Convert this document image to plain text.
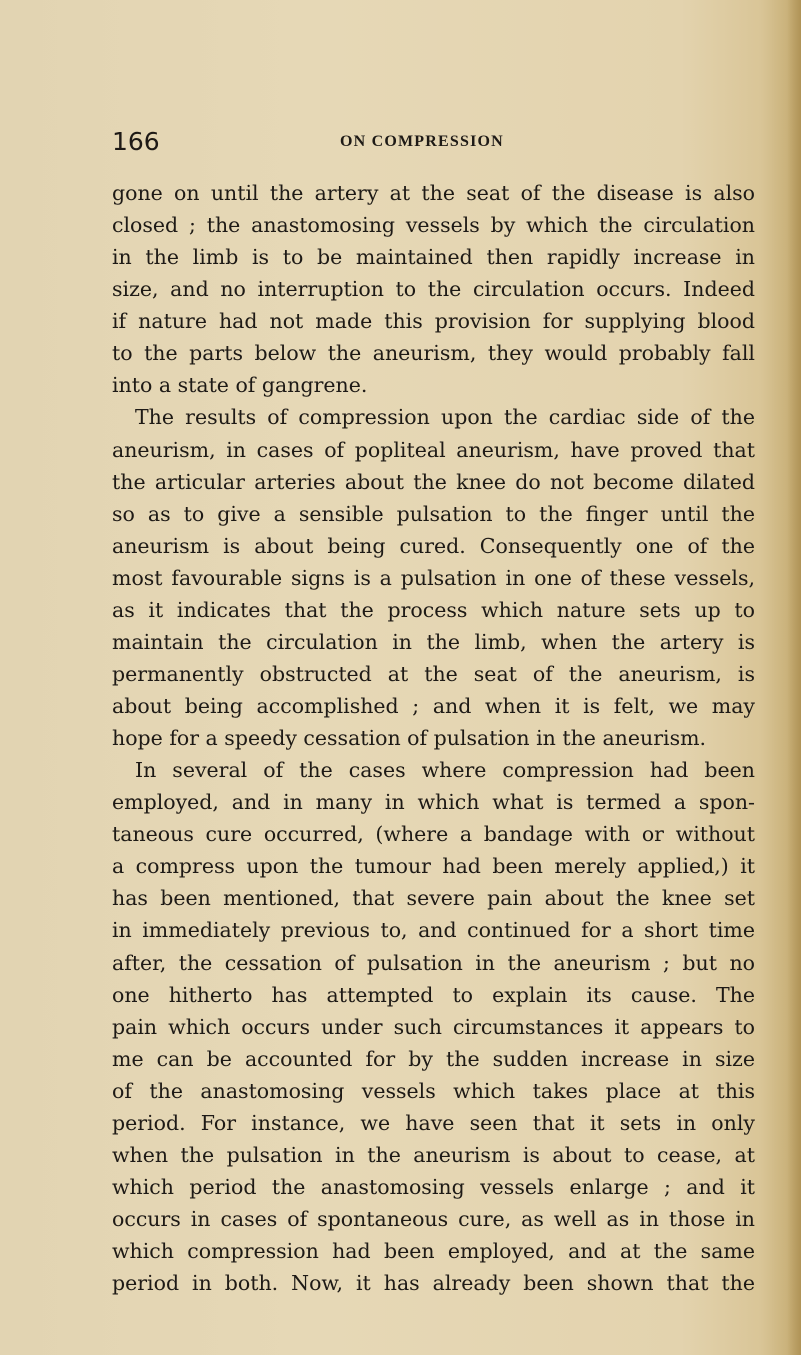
166	ON COMPRESSION
gone on until the artery at the seat of the disease is also
closed ; the anastomosing vessels by which the circulation
in the limb is to be maintained then rapidly increase in
size, and no interruption to the circulation occurs. Indeed
if nature had not made this provision for supplying blood
to the parts below the aneurism, they would probably fall
into a state of gangrene.
The results of compression upon the cardiac side of the
aneurism, in cases of popliteal aneurism, have proved that
the articular arteries about the knee do not become dilated
so as to give a sensible pulsation to the finger until the
aneurism is about being cured. Consequently one of the
most favourable signs is a pulsation in one of these vessels,
as it indicates that the process which nature sets up to
maintain the circulation in the limb, when the artery is
permanently obstructed at the seat of the aneurism, is
about being accomplished ; and when it is felt, we may
hope for a speedy cessation of pulsation in the aneurism.
In several of the cases where compression had been
employed, and in many in which what is termed a spon-
taneous cure occurred, (where a bandage with or without
a compress upon the tumour had been merely applied,) it
has been mentioned, that severe pain about the knee set
in immediately previous to, and continued for a short time
after, the cessation of pulsation in the aneurism ; but no
one hitherto has attempted to explain its cause. The
pain which occurs under such circumstances it appears to
me can be accounted for by the sudden increase in size
of the anastomosing vessels which takes place at this
period. For instance, we have seen that it sets in only
when the pulsation in the aneurism is about to cease, at
which period the anastomosing vessels enlarge ; and it
occurs in cases of spontaneous cure, as well as in those in
which compression had been employed, and at the same
period in both. Now, it has already been shown that the
